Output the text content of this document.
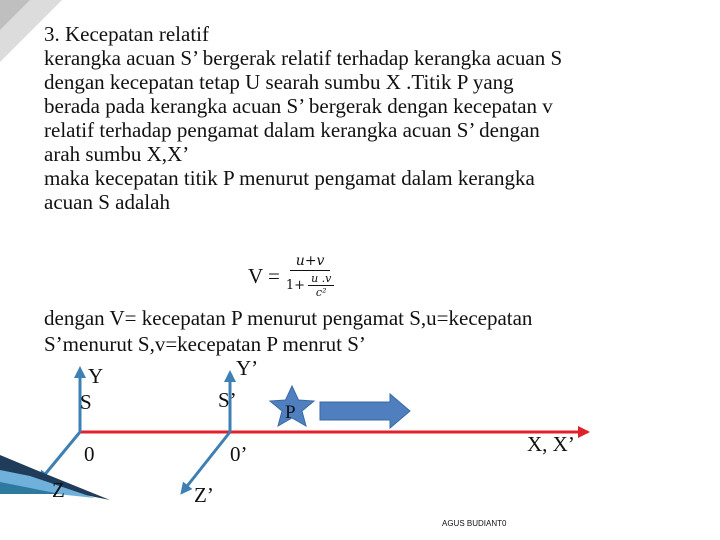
3. Kecepatan relatif

kerangka acuan S’ bergerak relatif terhadap kerangka acuan S

dengan kecepatan tetap U searah sumbu X .Titik P yang

berada pada kerangka acuan S’ bergerak dengan kecepatan v

relatif terhadap pengamat dalam kerangka acuan S’ dengan

arah sumbu X,X’

maka kecepatan titik P menurut pengamat dalam kerangka

acuan S adalah

$V = \frac{u+v}{1+ \frac{u .v}{\text{c²}}}$

dengan V= kecepatan P menurut pengamat S,u=kecepatan

S’menurut S,v=kecepatan P menrut S’

Y	Y’
S	S’
P
0	0’
Z	Z’
X, X’
AGUS BUDIANT0
